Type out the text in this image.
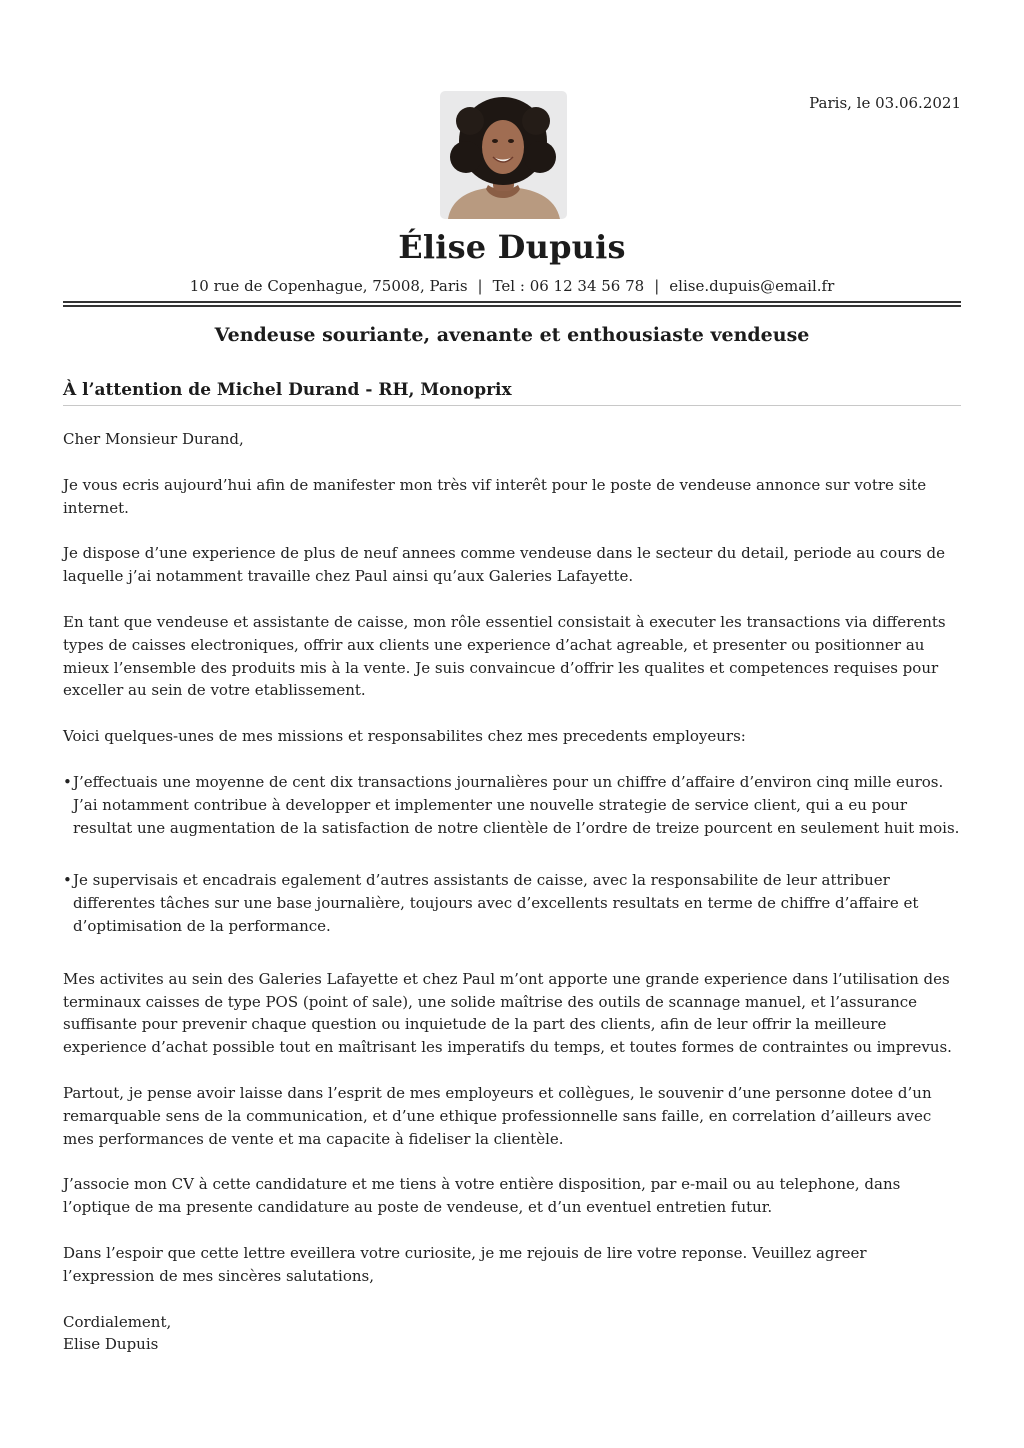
Paris, le 03.06.2021
Élise Dupuis
10 rue de Copenhague, 75008, Paris | Tel : 06 12 34 56 78 | elise.dupuis@email.fr
Vendeuse souriante, avenante et enthousiaste vendeuse
À l’attention de Michel Durand - RH, Monoprix

Cher Monsieur Durand,

Je vous ecris aujourd’hui afin de manifester mon très vif interêt pour le poste de vendeuse annonce sur votre site internet.

Je dispose d’une experience de plus de neuf annees comme vendeuse dans le secteur du detail, periode au cours de laquelle j’ai notamment travaille chez Paul ainsi qu’aux Galeries Lafayette.

En tant que vendeuse et assistante de caisse, mon rôle essentiel consistait à executer les transactions via differents types de caisses electroniques, offrir aux clients une experience d’achat agreable, et presenter ou positionner au mieux l’ensemble des produits mis à la vente. Je suis convaincue d’offrir les qualites et competences requises pour exceller au sein de votre etablissement.

Voici quelques-unes de mes missions et responsabilites chez mes precedents employeurs:

• J’effectuais une moyenne de cent dix transactions journalières pour un chiffre d’affaire d’environ cinq mille euros. J’ai notamment contribue à developper et implementer une nouvelle strategie de service client, qui a eu pour resultat une augmentation de la satisfaction de notre clientèle de l’ordre de treize pourcent en seulement huit mois.
• Je supervisais et encadrais egalement d’autres assistants de caisse, avec la responsabilite de leur attribuer differentes tâches sur une base journalière, toujours avec d’excellents resultats en terme de chiffre d’affaire et d’optimisation de la performance.

Mes activites au sein des Galeries Lafayette et chez Paul m’ont apporte une grande experience dans l’utilisation des terminaux caisses de type POS (point of sale), une solide maîtrise des outils de scannage manuel, et l’assurance suffisante pour prevenir chaque question ou inquietude de la part des clients, afin de leur offrir la meilleure experience d’achat possible tout en maîtrisant les imperatifs du temps, et toutes formes de contraintes ou imprevus.

Partout, je pense avoir laisse dans l’esprit de mes employeurs et collègues, le souvenir d’une personne dotee d’un remarquable sens de la communication, et d’une ethique professionnelle sans faille, en correlation d’ailleurs avec mes performances de vente et ma capacite à fideliser la clientèle.

J’associe mon CV à cette candidature et me tiens à votre entière disposition, par e-mail ou au telephone, dans l’optique de ma presente candidature au poste de vendeuse, et d’un eventuel entretien futur.

Dans l’espoir que cette lettre eveillera votre curiosite, je me rejouis de lire votre reponse. Veuillez agreer l’expression de mes sincères salutations,

Cordialement,

Elise Dupuis
